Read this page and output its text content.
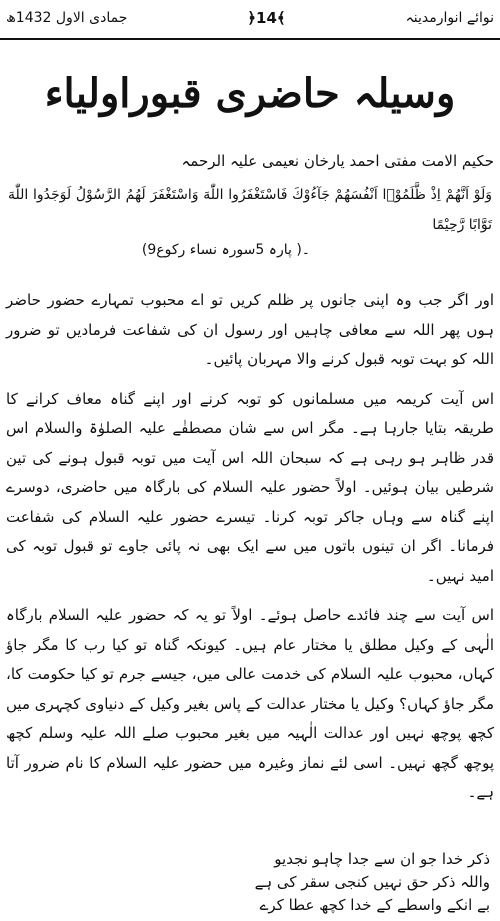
نوائے انوارمدینہ
﴾14﴿
جمادی الاول 1432ھ
وسیلہ حاضری قبوراولیاء
حکیم الامت مفتی احمد یارخان نعیمی علیہ الرحمہ
وَلَوْ اَنَّهُمْ اِذْ ظَّلَمُوْۤا اَنْفُسَهُمْ جَآءُوْكَ فَاسْتَغْفَرُوا اللّٰهَ وَاسْتَغْفَرَ لَهُمُ الرَّسُوْلُ لَوَجَدُوا اللّٰهَ تَوَّابًا رَّحِيْمًا
۔( پارہ 5سورہ نساء رکوع9)

اور اگر جب وہ اپنی جانوں پر ظلم کریں تو اے محبوب تمہارے حضور حاضر ہوں پھر اللہ سے معافی چاہیں اور رسول ان کی شفاعت فرمادیں تو ضرور اللہ کو بہت توبہ قبول کرنے والا مہربان پائیں۔

اس آیت کریمہ میں مسلمانوں کو توبہ کرنے اور اپنے گناہ معاف کرانے کا طریقہ بتایا جارہا ہے۔ مگر اس سے شان مصطفٰے علیہ الصلوٰۃ والسلام اس قدر ظاہر ہو رہی ہے کہ سبحان اللہ اس آیت میں توبہ قبول ہونے کی تین شرطیں بیان ہوئیں۔ اولاً حضور علیہ السلام کی بارگاہ میں حاضری، دوسرے اپنے گناہ سے وہاں جاکر توبہ کرنا۔ تیسرے حضور علیہ السلام کی شفاعت فرمانا۔ اگر ان تینوں باتوں میں سے ایک بھی نہ پائی جاوے تو قبول توبہ کی امید نہیں۔

اس آیت سے چند فائدے حاصل ہوئے۔ اولاً تو یہ کہ حضور علیہ السلام بارگاہ الٰہی کے وکیل مطلق یا مختار عام ہیں۔ کیونکہ گناہ تو کیا رب کا مگر جاؤ کہاں، محبوب علیہ السلام کی خدمت عالی میں، جیسے جرم تو کیا حکومت کا، مگر جاؤ کہاں؟ وکیل یا مختار عدالت کے پاس بغیر وکیل کے دنیاوی کچہری میں کچھ پوچھ نہیں اور عدالت الٰہیہ میں بغیر محبوب صلے اللہ علیہ وسلم کچھ پوچھ گچھ نہیں۔ اسی لئے نماز وغیرہ میں حضور علیہ السلام کا نام ضرور آتا ہے۔

ذکر خدا جو ان سے جدا چاہو نجدیو
واللہ ذکر حق نہیں کنجی سقر کی ہے
بے انکے واسطے کے خدا کچھ عطا کرے
